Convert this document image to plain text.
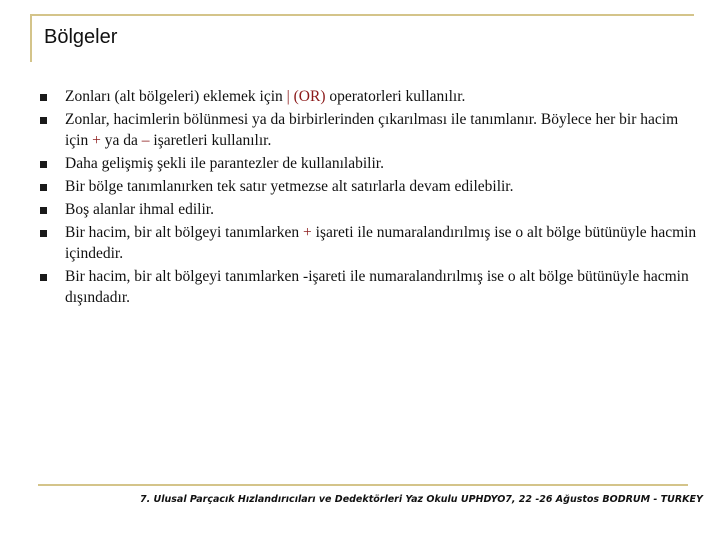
Bölgeler
Zonları (alt bölgeleri) eklemek için | (OR) operatorleri kullanılır.
Zonlar, hacimlerin bölünmesi ya da birbirlerinden çıkarılması ile tanımlanır. Böylece her bir hacim için + ya da – işaretleri kullanılır.
Daha gelişmiş şekli ile parantezler de kullanılabilir.
Bir bölge tanımlanırken tek satır yetmezse alt satırlarla devam edilebilir.
Boş alanlar ihmal edilir.
Bir hacim, bir alt bölgeyi tanımlarken + işareti ile numaralandırılmış ise o alt bölge bütünüyle hacmin içindedir.
Bir hacim, bir alt bölgeyi tanımlarken -işareti ile numaralandırılmış ise o alt bölge bütünüyle hacmin dışındadır.
7. Ulusal Parçacık Hızlandırıcıları ve Dedektörleri Yaz Okulu UPHDYO7, 22 -26 Ağustos BODRUM - TURKEY
